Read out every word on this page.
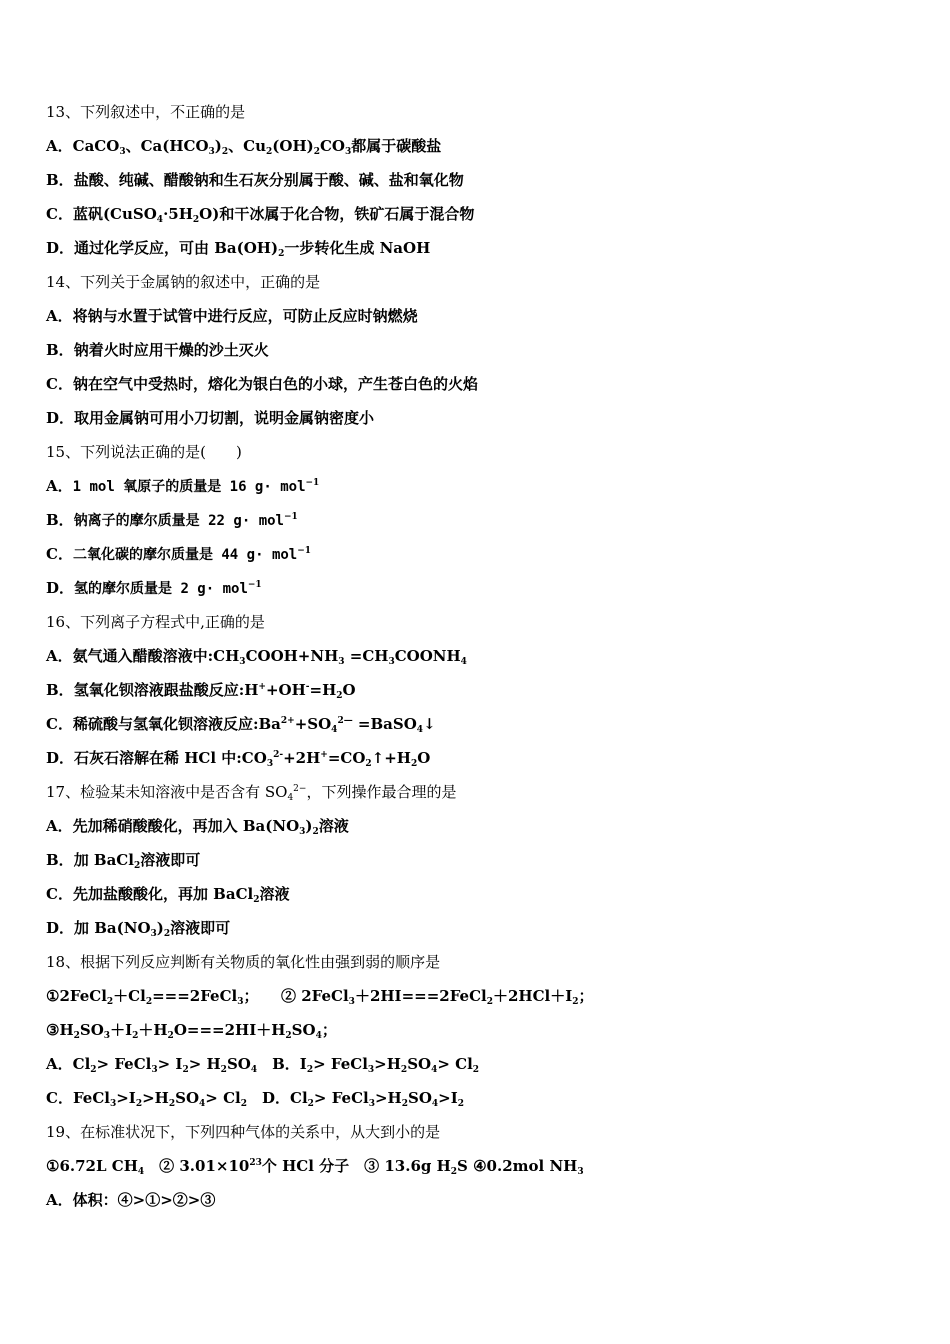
13、下列叙述中，不正确的是
A．CaCO$_3$、$Ca(HCO_3)_2$、$Cu_2(OH)_2CO_3$都属于碳酸盐
B．盐酸、纯碱、醋酸钠和生石灰分别属于酸、碱、盐和氧化物
C．蓝矾$(CuSO_4\cdot 5H_2O)$和干冰属于化合物，铁矿石属于混合物
D．通过化学反应，可由 $Ba(OH)_2$一步转化生成 NaOH
14、下列关于金属钠的叙述中，正确的是
A．将钠与水置于试管中进行反应，可防止反应时钠燃烧
B．钠着火时应用干燥的沙土灭火
C．钠在空气中受热时，熔化为银白色的小球，产生苍白色的火焰
D．取用金属钠可用小刀切割，说明金属钠密度小
15、下列说法正确的是(　　)
A．1 mol 氧原子的质量是 16 g· mol$^{-1}$
B．钠离子的摩尔质量是 22 g· mol$^{-1}$
C．二氧化碳的摩尔质量是 44 g· mol$^{-1}$
D．氢的摩尔质量是 2 g· mol$^{-1}$
16、下列离子方程式中,正确的是
A．氨气通入醋酸溶液中$:CH_3COOH+NH_3$ $=CH_3COONH_4$
B．氢氧化钡溶液跟盐酸反应$:H^++OH^-=H_2O$
C．稀硫酸与氢氧化钡溶液反应$:Ba^{2+}+SO_4^{2—}$ =BaSO$_4$↓
D．石灰石溶解在稀 HCl 中$:CO_3^{2-}+2H^+=CO_2↑+H_2O$
17、检验某未知溶液中是否含有 $SO_4^{2-}$，下列操作最合理的是
A．先加稀硝酸酸化，再加入 $Ba(NO_3)_2$溶液
B．加 BaCl$_2$溶液即可
C．先加盐酸酸化，再加 BaCl$_2$溶液
D．加 $Ba(NO_3)_2$溶液即可
18、根据下列反应判断有关物质的氧化性由强到弱的顺序是
$①2FeCl_2+Cl_2===2FeCl_3$；　　② $2FeCl_3+2HI===2FeCl_2+2HCl+I_2$；
$③H_2SO_3+I_2+H_2O===2HI+H_2SO_4$；
A．$Cl_2>$ FeCl$_3$> $I_2> H_2SO_4$　B．$I_2>$ $FeCl_3>H_2SO_4> Cl_2$
C．$FeCl_3>I_2>H_2SO_4> Cl_2$　D．$Cl_2>$ $FeCl_3>H_2SO_4>I_2$
19、在标准状况下，下列四种气体的关系中，从大到小的是
①6.72L $CH_4$　② $3.01\times 10^{23}$个 HCl 分子　③ 13.6g $H_2S$ ④0.2mol $NH_3$
A．体积：④>①>②>③
